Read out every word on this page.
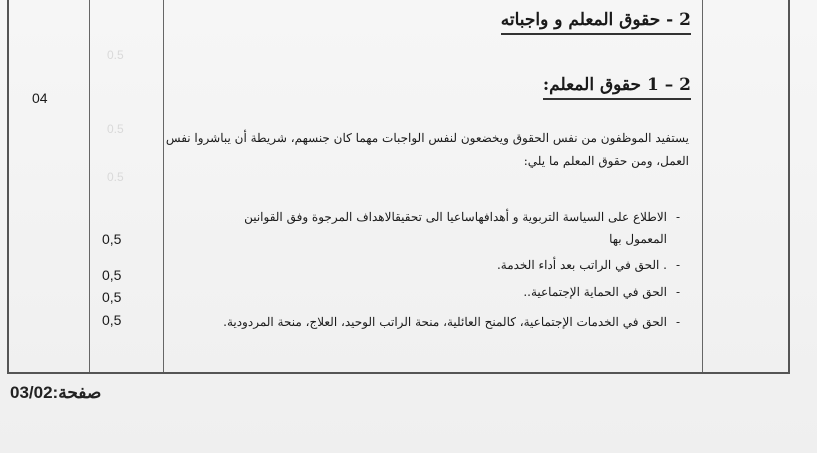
0.5
0.5
0.5
2 - حقوق المعلم و واجباته
2 – 1 حقوق المعلم:
04
يستفيد الموظفون من نفس الحقوق ويخضعون لنفس الواجبات مهما كان جنسهم، شريطة أن يباشروا نفس العمل، ومن حقوق المعلم ما يلي:
-الاطلاع على السياسة التربوية و أهدافهاساعيا الى تحقيقالاهداف المرجوة وفق القوانين
المعمول بها
-. الحق في الراتب بعد أداء الخدمة.
-الحق في الحماية الإجتماعية..
-الحق في الخدمات الإجتماعية، كالمنح العائلية، منحة الراتب الوحيد، العلاج، منحة المردودية.
0,5
0,5
0,5
0,5
صفحة:03/02
